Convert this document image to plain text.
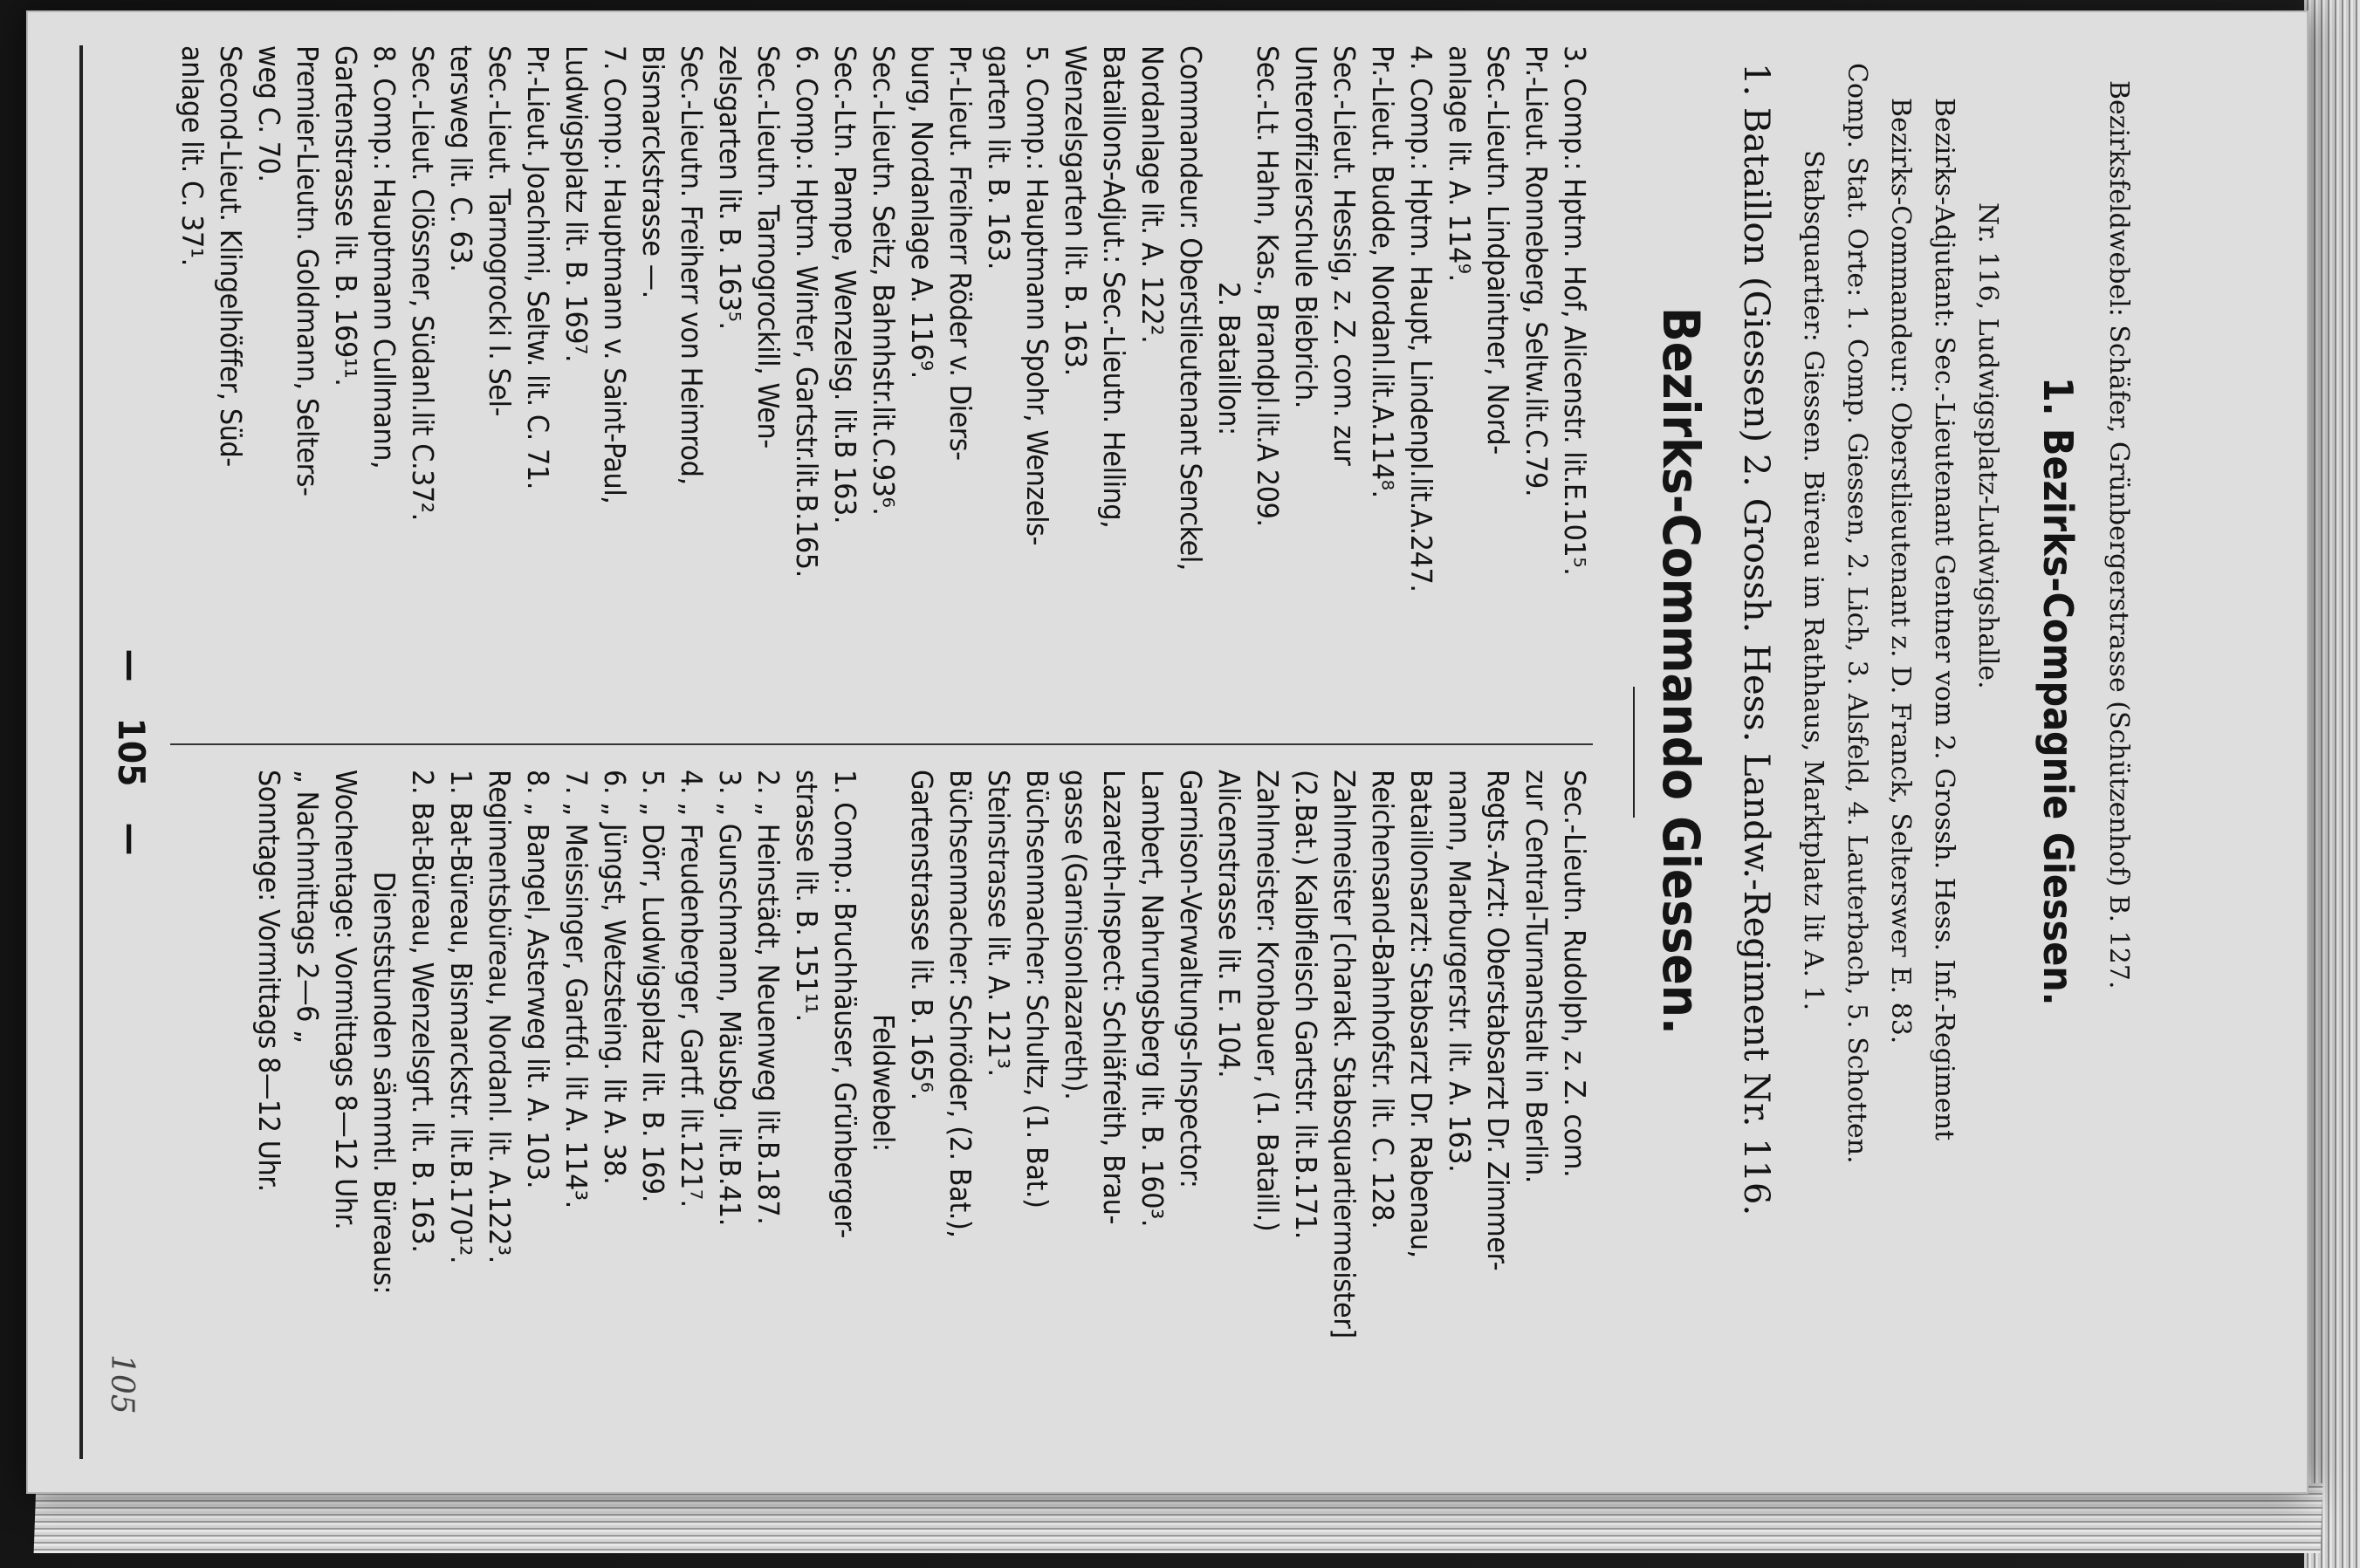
— 105 —
105
3. Comp.: Hptm. Hof, Alicenstr. lit.E.101⁵.
Pr.-Lieut. Ronneberg, Seltw.lit.C.79.
Sec.-Lieutn. Lindpaintner, Nord-
anlage lit. A. 114⁹.
4. Comp.: Hptm. Haupt, Lindenpl.lit.A.247.
Pr.-Lieut. Budde, Nordanl.lit.A.114⁸.
Sec.-Lieut. Hessig, z. Z. com. zur
Unteroffizierschule Biebrich.
Sec.-Lt. Hahn, Kas., Brandpl.lit.A 209.
2. Bataillon:
Commandeur: Oberstlieutenant Senckel,
Nordanlage lit. A. 122².
Bataillons-Adjut.: Sec.-Lieutn. Helling,
Wenzelsgarten lit. B. 163.
5. Comp.: Hauptmann Spohr, Wenzels-
garten lit. B. 163.
Pr.-Lieut. Freiherr Röder v. Diers-
burg, Nordanlage A. 116⁹.
Sec.-Lieutn. Seitz, Bahnhstr.lit.C.93⁶.
Sec.-Ltn. Pampe, Wenzelsg. lit.B 163.
6. Comp.: Hptm. Winter, Gartstr.lit.B.165.
Sec.-Lieutn. Tarnogrockill, Wen-
zelsgarten lit. B. 163⁵.
Sec.-Lieutn. Freiherr von Heimrod,
Bismarckstrasse —.
7. Comp.: Hauptmann v. Saint-Paul,
Ludwigsplatz lit. B. 169⁷.
Pr.-Lieut. Joachimi, Seltw. lit. C. 71.
Sec.-Lieut. Tarnogrocki I. Sel-
tersweg lit. C. 63.
Sec.-Lieut. Clössner, Südanl.lit C.37².
8. Comp.: Hauptmann Cullmann,
Gartenstrasse lit. B. 169¹¹.
Premier-Lieutn. Goldmann, Selters-
weg C. 70.
Second-Lieut. Klingelhöffer, Süd-
anlage lit. C. 37¹.
Sec.-Lieutn. Rudolph, z. Z. com.
zur Central-Turnanstalt in Berlin.
Regts.-Arzt: Oberstabsarzt Dr. Zimmer-
mann, Marburgerstr. lit. A. 163.
Bataillonsarzt: Stabsarzt Dr. Rabenau,
Reichensand-Bahnhofstr. lit. C. 128.
Zahlmeister [charakt. Stabsquartiermeister]
(2.Bat.) Kalbfleisch Gartstr. lit.B.171.
Zahlmeister: Kronbauer, (1. Bataill.)
Alicenstrasse lit. E. 104.
Garnison-Verwaltungs-Inspector:
Lambert, Nahrungsberg lit. B. 160³.
Lazareth-Inspect: Schläfreith, Brau-
gasse (Garnisonlazareth).
Büchsenmacher: Schultz, (1. Bat.)
Steinstrasse lit. A. 121³.
Büchsenmacher: Schröder, (2. Bat.),
Gartenstrasse lit. B. 165⁶.
Feldwebel:
1. Comp.: Bruchhäuser, Grünberger-
strasse lit. B. 151¹¹.
2. „ Heinstädt, Neuenweg lit.B.187.
3. „ Gunschmann, Mäusbg. lit.B.41.
4. „ Freudenberger, Gartf. lit.121⁷.
5. „ Dörr, Ludwigsplatz lit. B. 169.
6. „ Jüngst, Wetzsteing. lit A. 38.
7. „ Meissinger, Gartfd. lit A. 114³.
8. „ Bangel, Asterweg lit. A. 103.
Regimentsbüreau, Nordanl. lit. A.122³.
1. Bat-Büreau, Bismarckstr. lit.B.170¹².
2. Bat-Büreau, Wenzelsgrt. lit. B. 163.
Dienststunden sämmtl. Büreaus:
Wochentage: Vormittags 8—12 Uhr.
„ Nachmittags 2—6 „
Sonntage: Vormittags 8—12 Uhr.	Bezirks-Commando Giessen. 1. Bataillon (Giessen) 2. Grossh. Hess. Landw.-Regiment Nr. 116. Stabsquartier: Giessen. Büreau im Rathhaus, Marktplatz lit A. 1. Comp. Stat. Orte: 1. Comp. Giessen, 2. Lich, 3. Alsfeld, 4. Lauterbach, 5. Schotten. Bezirks-Commandeur: Oberstlieutenant z. D. Franck, Selterswег E. 83. Bezirks-Adjutant: Sec.-Lieutenant Gentner vom 2. Grossh. Hess. Inf.-Regiment Nr. 116, Ludwigsplatz-Ludwigshalle. 1. Bezirks-Compagnie Giessen. Bezirksfeldwebel: Schäfer, Grünbergerstrasse (Schützenhof) B. 127.
